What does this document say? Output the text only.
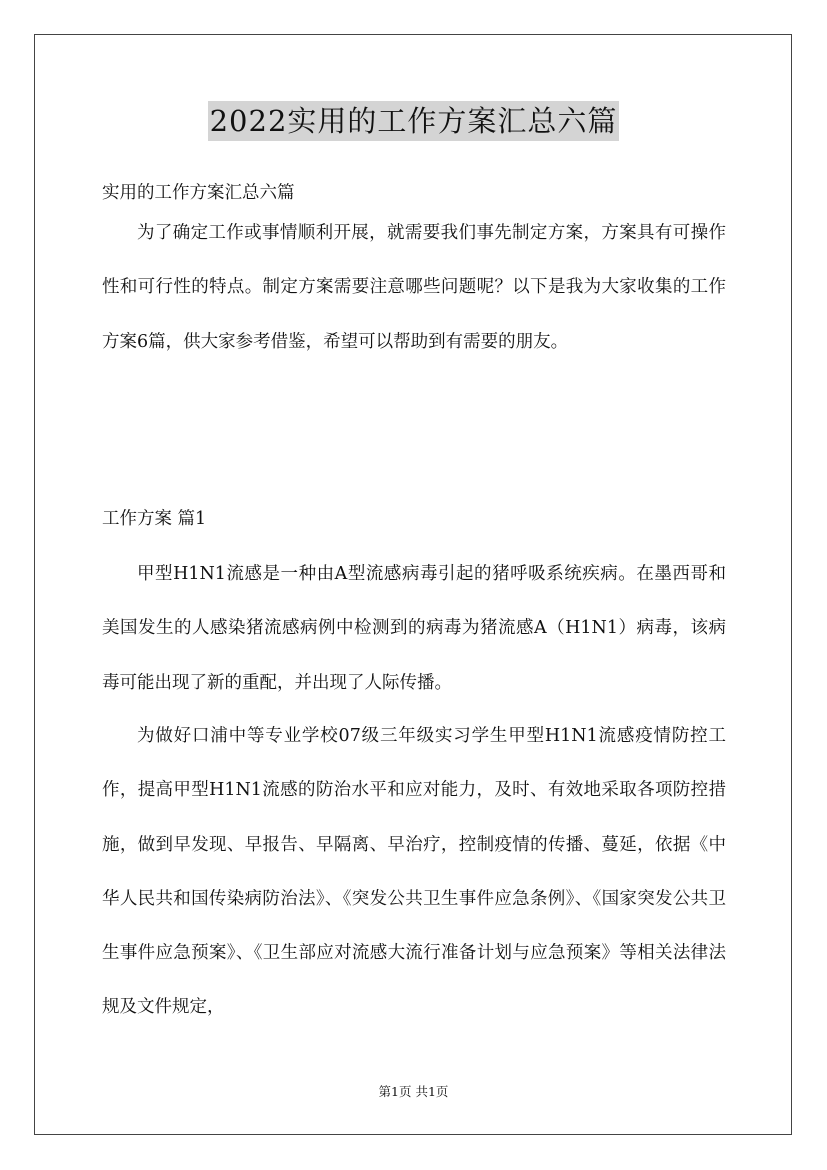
2022实用的工作方案汇总六篇
实用的工作方案汇总六篇

为了确定工作或事情顺利开展，就需要我们事先制定方案，方案具有可操作性和可行性的特点。制定方案需要注意哪些问题呢？以下是我为大家收集的工作方案6篇，供大家参考借鉴，希望可以帮助到有需要的朋友。

工作方案 篇1

甲型H1N1流感是一种由A型流感病毒引起的猪呼吸系统疾病。在墨西哥和美国发生的人感染猪流感病例中检测到的病毒为猪流感A（H1N1）病毒，该病毒可能出现了新的重配，并出现了人际传播。

为做好口浦中等专业学校07级三年级实习学生甲型H1N1流感疫情防控工作，提高甲型H1N1流感的防治水平和应对能力，及时、有效地采取各项防控措施，做到早发现、早报告、早隔离、早治疗，控制疫情的传播、蔓延，依据《中华人民共和国传染病防治法》、《突发公共卫生事件应急条例》、《国家突发公共卫生事件应急预案》、《卫生部应对流感大流行准备计划与应急预案》等相关法律法规及文件规定，

第1页 共1页
